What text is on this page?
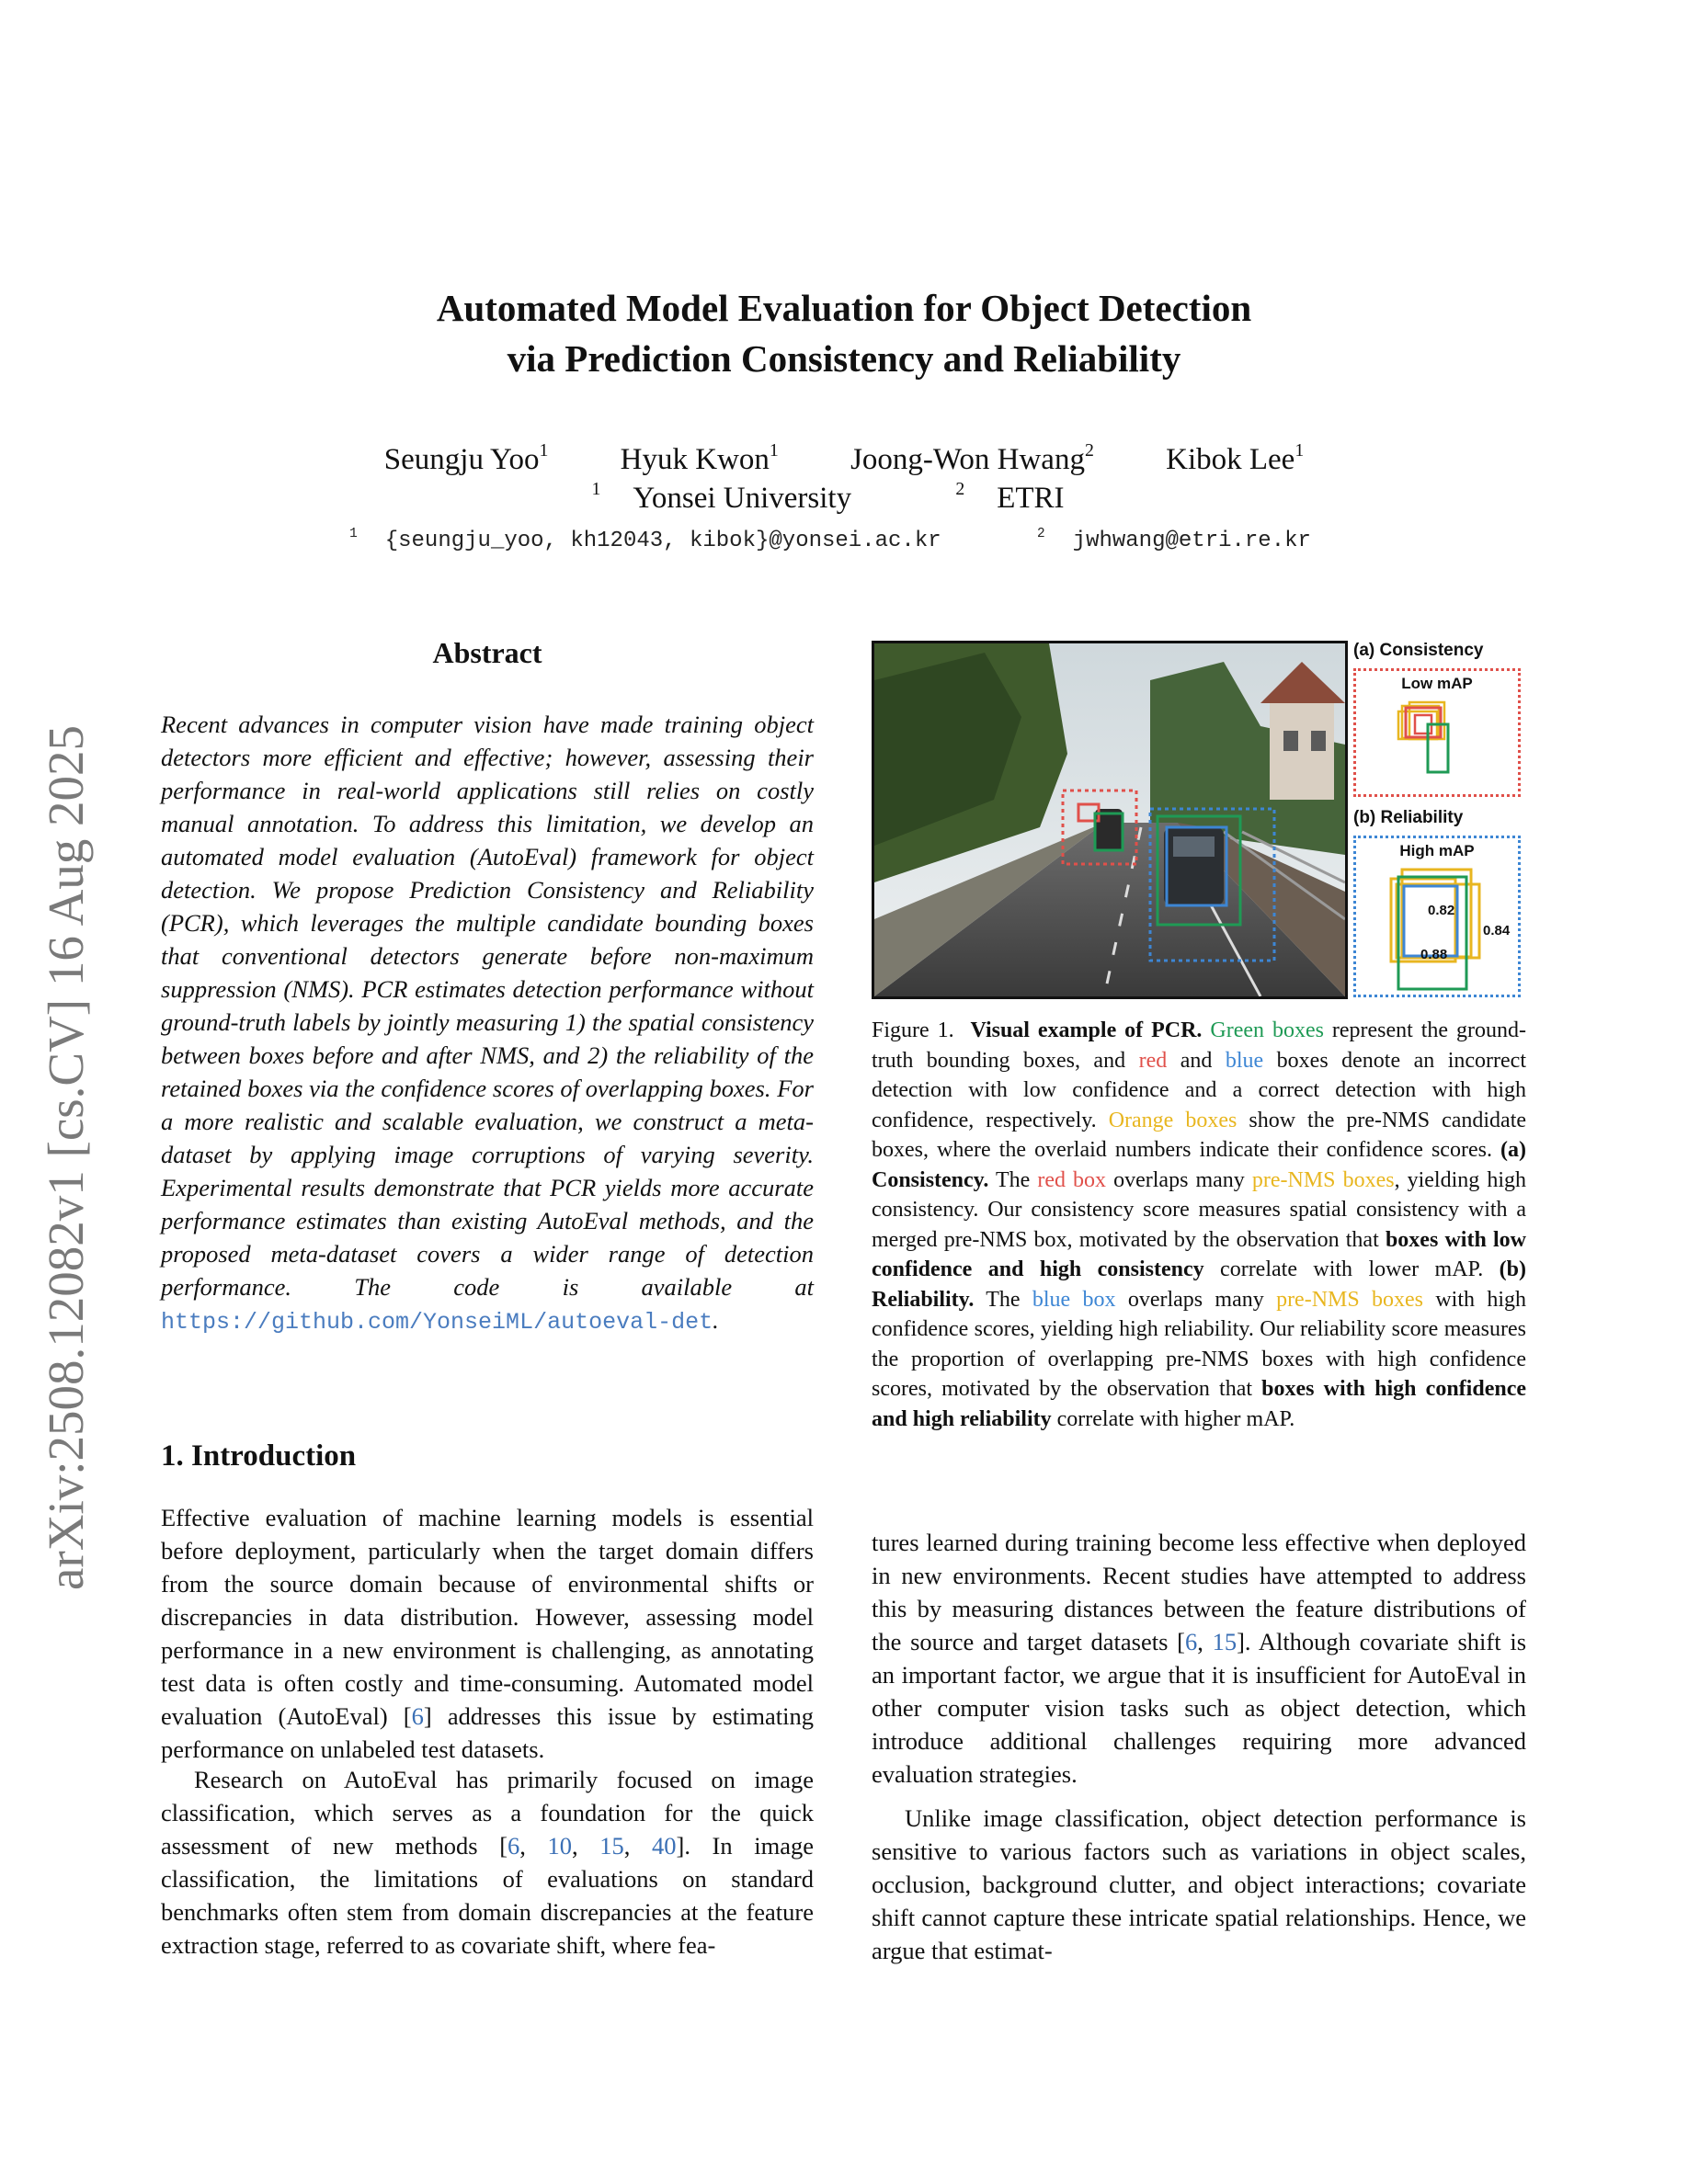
arXiv:2508.12082v1 [cs.CV] 16 Aug 2025
Automated Model Evaluation for Object Detection
via Prediction Consistency and Reliability
Seungju Yoo$^1$ Hyuk Kwon$^1$ Joong-Won Hwang$^2$ Kibok Lee$^1$
$^1$ Yonsei University	$^2$ ETRI
$^1$ {seungju_yoo, kh12043, kibok}@yonsei.ac.kr	$^2$ jwhwang@etri.re.kr
Abstract
Recent advances in computer vision have made training object detectors more efficient and effective; however, assessing their performance in real-world applications still relies on costly manual annotation. To address this limitation, we develop an automated model evaluation (AutoEval) framework for object detection. We propose Prediction Consistency and Reliability (PCR), which leverages the multiple candidate bounding boxes that conventional detectors generate before non-maximum suppression (NMS). PCR estimates detection performance without ground-truth labels by jointly measuring 1) the spatial consistency between boxes before and after NMS, and 2) the reliability of the retained boxes via the confidence scores of overlapping boxes. For a more realistic and scalable evaluation, we construct a meta-dataset by applying image corruptions of varying severity. Experimental results demonstrate that PCR yields more accurate performance estimates than existing AutoEval methods, and the proposed meta-dataset covers a wider range of detection performance. The code is available at https://github.com/YonseiML/autoeval-det.
1. Introduction
Effective evaluation of machine learning models is essential before deployment, particularly when the target domain differs from the source domain because of environmental shifts or discrepancies in data distribution. However, assessing model performance in a new environment is challenging, as annotating test data is often costly and time-consuming. Automated model evaluation (AutoEval) [6] addresses this issue by estimating performance on unlabeled test datasets.
Research on AutoEval has primarily focused on image classification, which serves as a foundation for the quick assessment of new methods [6, 10, 15, 40]. In image classification, the limitations of evaluations on standard benchmarks often stem from domain discrepancies at the feature extraction stage, referred to as covariate shift, where fea-
tures learned during training become less effective when deployed in new environments. Recent studies have attempted to address this by measuring distances between the feature distributions of the source and target datasets [6, 15]. Although covariate shift is an important factor, we argue that it is insufficient for AutoEval in other computer vision tasks such as object detection, which introduce additional challenges requiring more advanced evaluation strategies.
Unlike image classification, object detection performance is sensitive to various factors such as variations in object scales, occlusion, background clutter, and object interactions; covariate shift cannot capture these intricate spatial relationships. Hence, we argue that estimat-
(a) Consistency
Low mAP
(b) Reliability
High mAP
0.82
0.84
0.88
Figure 1. Visual example of PCR. Green boxes represent the ground-truth bounding boxes, and red and blue boxes denote an incorrect detection with low confidence and a correct detection with high confidence, respectively. Orange boxes show the pre-NMS candidate boxes, where the overlaid numbers indicate their confidence scores. (a) Consistency. The red box overlaps many pre-NMS boxes, yielding high consistency. Our consistency score measures spatial consistency with a merged pre-NMS box, motivated by the observation that boxes with low confidence and high consistency correlate with lower mAP. (b) Reliability. The blue box overlaps many pre-NMS boxes with high confidence scores, yielding high reliability. Our reliability score measures the proportion of overlapping pre-NMS boxes with high confidence scores, motivated by the observation that boxes with high confidence and high reliability correlate with higher mAP.
